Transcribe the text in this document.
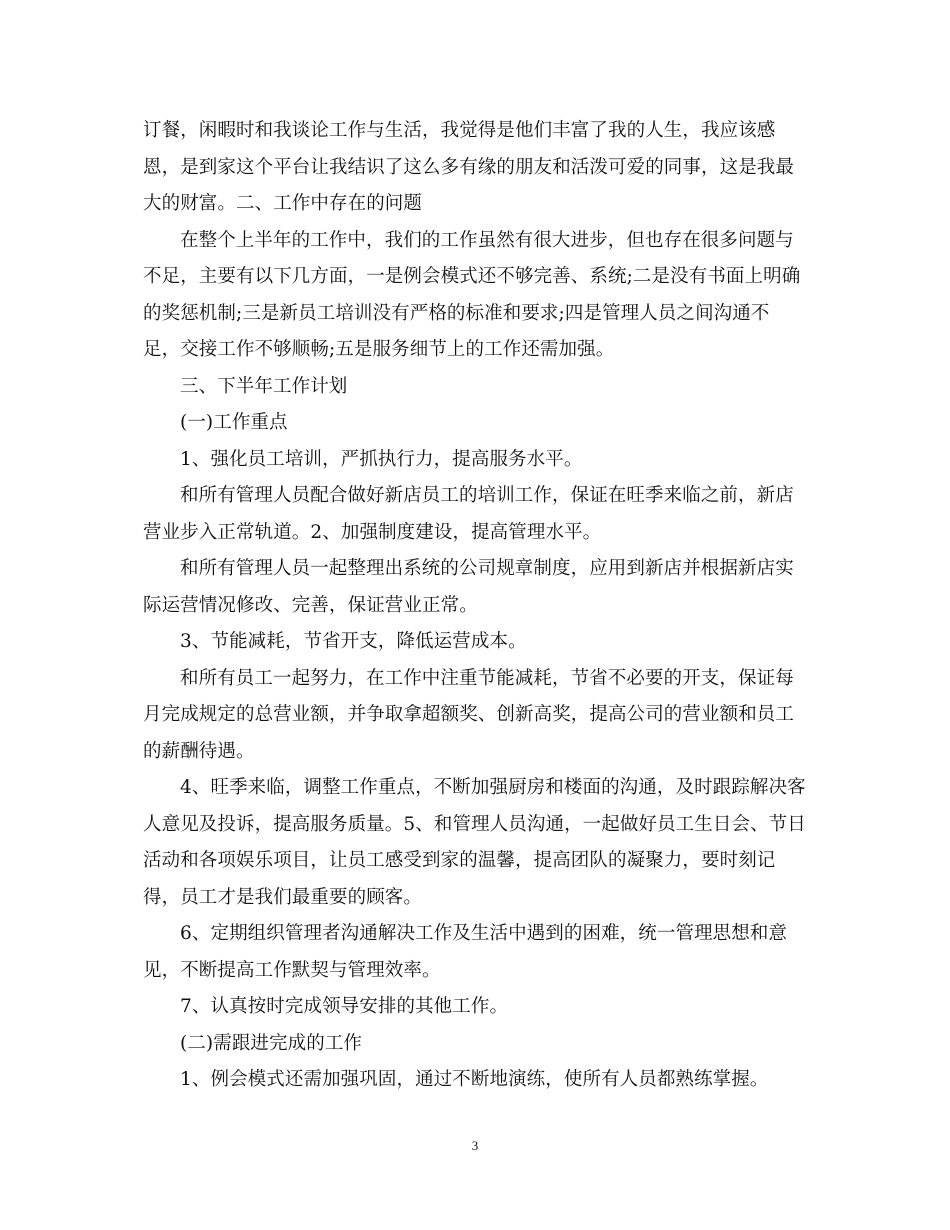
订餐，闲暇时和我谈论工作与生活，我觉得是他们丰富了我的人生，我应该感
恩，是到家这个平台让我结识了这么多有缘的朋友和活泼可爱的同事，这是我最
大的财富。二、工作中存在的问题
在整个上半年的工作中，我们的工作虽然有很大进步，但也存在很多问题与
不足，主要有以下几方面，一是例会模式还不够完善、系统;二是没有书面上明确
的奖惩机制;三是新员工培训没有严格的标准和要求;四是管理人员之间沟通不
足，交接工作不够顺畅;五是服务细节上的工作还需加强。
三、下半年工作计划
(一)工作重点
1、强化员工培训，严抓执行力，提高服务水平。
和所有管理人员配合做好新店员工的培训工作，保证在旺季来临之前，新店
营业步入正常轨道。2、加强制度建设，提高管理水平。
和所有管理人员一起整理出系统的公司规章制度，应用到新店并根据新店实
际运营情况修改、完善，保证营业正常。
3、节能减耗，节省开支，降低运营成本。
和所有员工一起努力，在工作中注重节能减耗，节省不必要的开支，保证每
月完成规定的总营业额，并争取拿超额奖、创新高奖，提高公司的营业额和员工
的薪酬待遇。
4、旺季来临，调整工作重点，不断加强厨房和楼面的沟通，及时跟踪解决客
人意见及投诉，提高服务质量。5、和管理人员沟通，一起做好员工生日会、节日
活动和各项娱乐项目，让员工感受到家的温馨，提高团队的凝聚力，要时刻记
得，员工才是我们最重要的顾客。
6、定期组织管理者沟通解决工作及生活中遇到的困难，统一管理思想和意
见，不断提高工作默契与管理效率。
7、认真按时完成领导安排的其他工作。
(二)需跟进完成的工作
1、例会模式还需加强巩固，通过不断地演练，使所有人员都熟练掌握。
3
